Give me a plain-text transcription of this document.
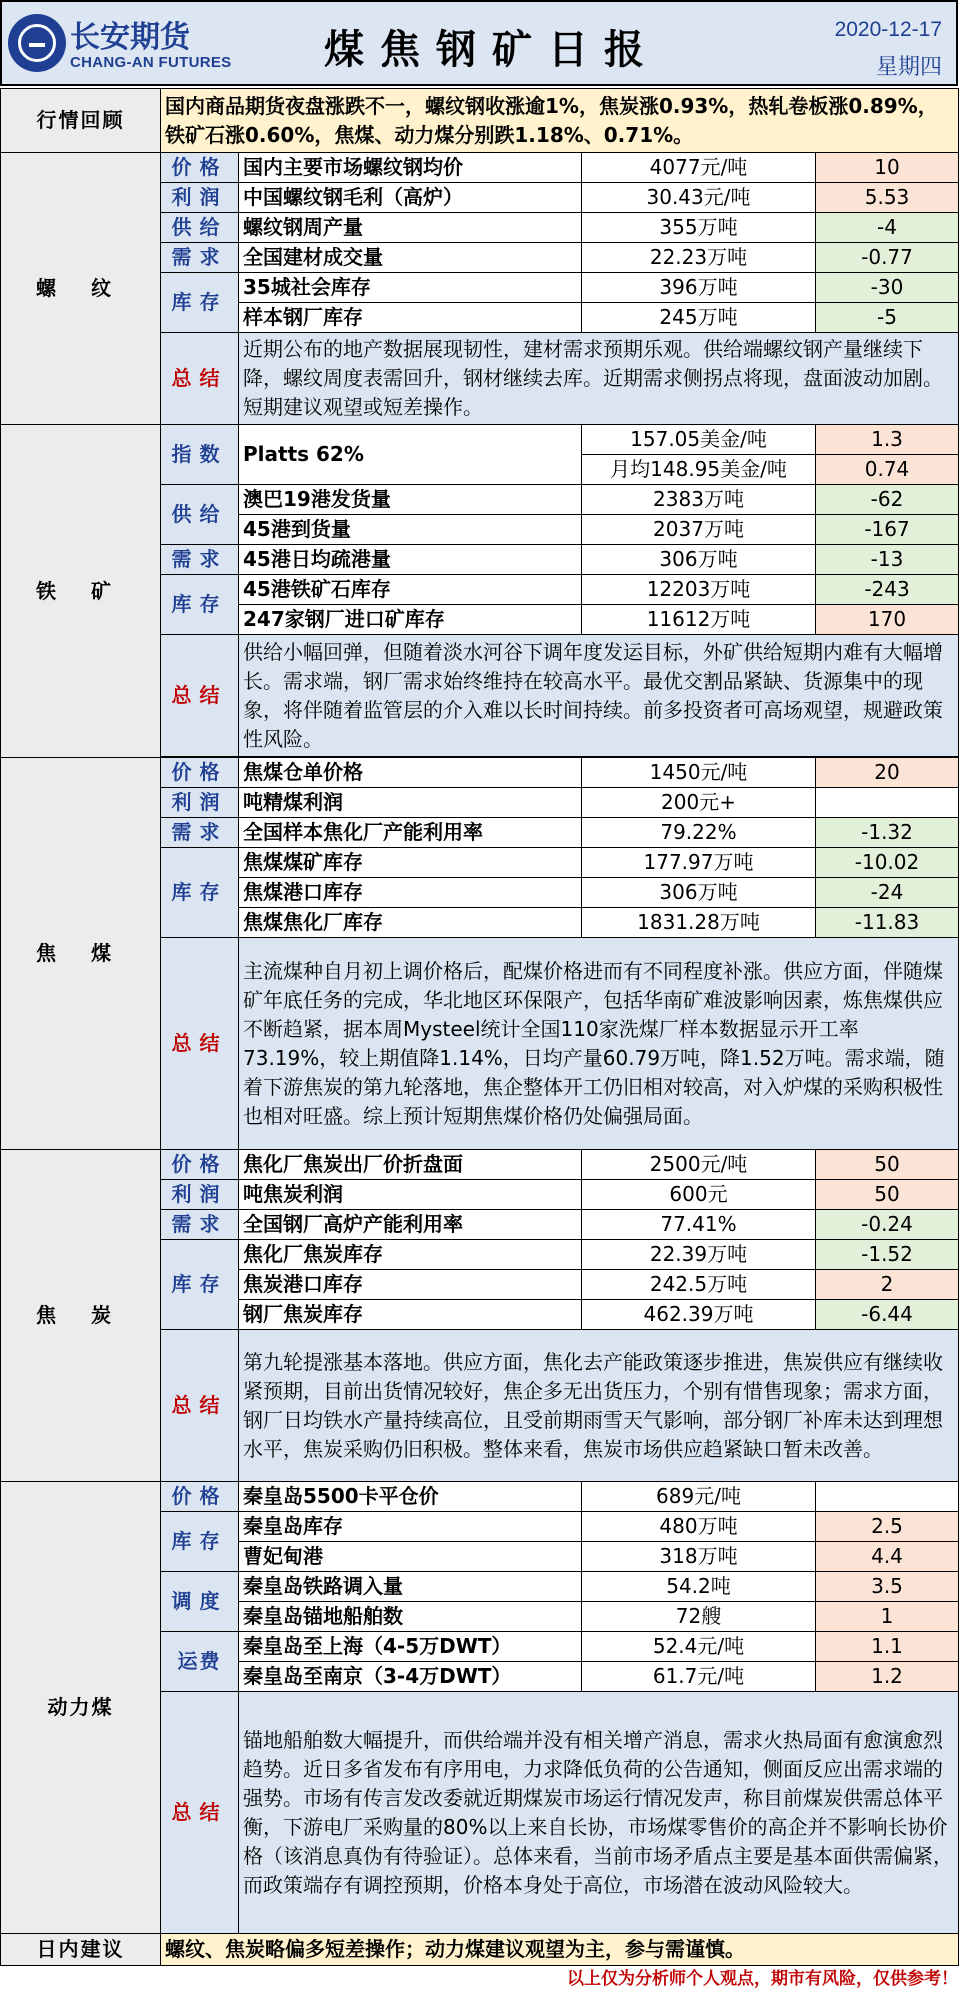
长安期货
CHANG-AN FUTURES	煤焦钢矿日报	2020-12-17
星期四
行情回顾	国内商品期货夜盘涨跌不一，螺纹钢收涨逾1%，焦炭涨0.93%，热轧卷板涨0.89%，铁矿石涨0.60%，焦煤、动力煤分别跌1.18%、0.71%。			
螺 纹	价格	国内主要市场螺纹钢均价	4077元/吨	10
	利润	中国螺纹钢毛利（高炉）	30.43元/吨	5.53
	供给	螺纹钢周产量	355万吨	-4
	需求	全国建材成交量	22.23万吨	-0.77
	库存	35城社会库存	396万吨	-30
		样本钢厂库存	245万吨	-5
	总结	近期公布的地产数据展现韧性，建材需求预期乐观。供给端螺纹钢产量继续下降，螺纹周度表需回升，钢材继续去库。近期需求侧拐点将现，盘面波动加剧。短期建议观望或短差操作。		
铁 矿	指数	Platts 62%	157.05美金/吨	1.3
			月均148.95美金/吨	0.74
	供给	澳巴19港发货量	2383万吨	-62
		45港到货量	2037万吨	-167
	需求	45港日均疏港量	306万吨	-13
	库存	45港铁矿石库存	12203万吨	-243
		247家钢厂进口矿库存	11612万吨	170
	总结	供给小幅回弹，但随着淡水河谷下调年度发运目标，外矿供给短期内难有大幅增长。需求端，钢厂需求始终维持在较高水平。最优交割品紧缺、货源集中的现象，将伴随着监管层的介入难以长时间持续。前多投资者可高场观望，规避政策性风险。		

焦 煤	价格	焦煤仓单价格	1450元/吨	20
	利润	吨精煤利润	200元+	
	需求	全国样本焦化厂产能利用率	79.22%	-1.32
	库存	焦煤煤矿库存	177.97万吨	-10.02
		焦煤港口库存	306万吨	-24
		焦煤焦化厂库存	1831.28万吨	-11.83
	总结	主流煤种自月初上调价格后，配煤价格进而有不同程度补涨。供应方面，伴随煤矿年底任务的完成，华北地区环保限产，包括华南矿难波影响因素，炼焦煤供应不断趋紧，据本周Mysteel统计全国110家洗煤厂样本数据显示开工率73.19%，较上期值降1.14%，日均产量60.79万吨，降1.52万吨。需求端，随着下游焦炭的第九轮落地，焦企整体开工仍旧相对较高，对入炉煤的采购积极性也相对旺盛。综上预计短期焦煤价格仍处偏强局面。		
焦 炭	价格	焦化厂焦炭出厂价折盘面	2500元/吨	50
	利润	吨焦炭利润	600元	50
	需求	全国钢厂高炉产能利用率	77.41%	-0.24
	库存	焦化厂焦炭库存	22.39万吨	-1.52
		焦炭港口库存	242.5万吨	2
		钢厂焦炭库存	462.39万吨	-6.44
	总结	第九轮提涨基本落地。供应方面，焦化去产能政策逐步推进，焦炭供应有继续收紧预期，目前出货情况较好，焦企多无出货压力，个别有惜售现象；需求方面，钢厂日均铁水产量持续高位，且受前期雨雪天气影响，部分钢厂补库未达到理想水平，焦炭采购仍旧积极。整体来看，焦炭市场供应趋紧缺口暂未改善。		
动力煤	价格	秦皇岛5500卡平仓价	689元/吨	
	库存	秦皇岛库存	480万吨	2.5
		曹妃甸港	318万吨	4.4
	调度	秦皇岛铁路调入量	54.2吨	3.5
		秦皇岛锚地船舶数	72艘	1
	运费	秦皇岛至上海（4-5万DWT）	52.4元/吨	1.1
		秦皇岛至南京（3-4万DWT）	61.7元/吨	1.2
	总结	锚地船舶数大幅提升，而供给端并没有相关增产消息，需求火热局面有愈演愈烈趋势。近日多省发布有序用电，力求降低负荷的公告通知，侧面反应出需求端的强势。市场有传言发改委就近期煤炭市场运行情况发声，称目前煤炭供需总体平衡，下游电厂采购量的80%以上来自长协，市场煤零售价的高企并不影响长协价格（该消息真伪有待验证）。总体来看，当前市场矛盾点主要是基本面供需偏紧，而政策端存有调控预期，价格本身处于高位，市场潜在波动风险较大。		
日内建议	螺纹、焦炭略偏多短差操作；动力煤建议观望为主，参与需谨慎。			
以上仅为分析师个人观点，期市有风险，仅供参考！
